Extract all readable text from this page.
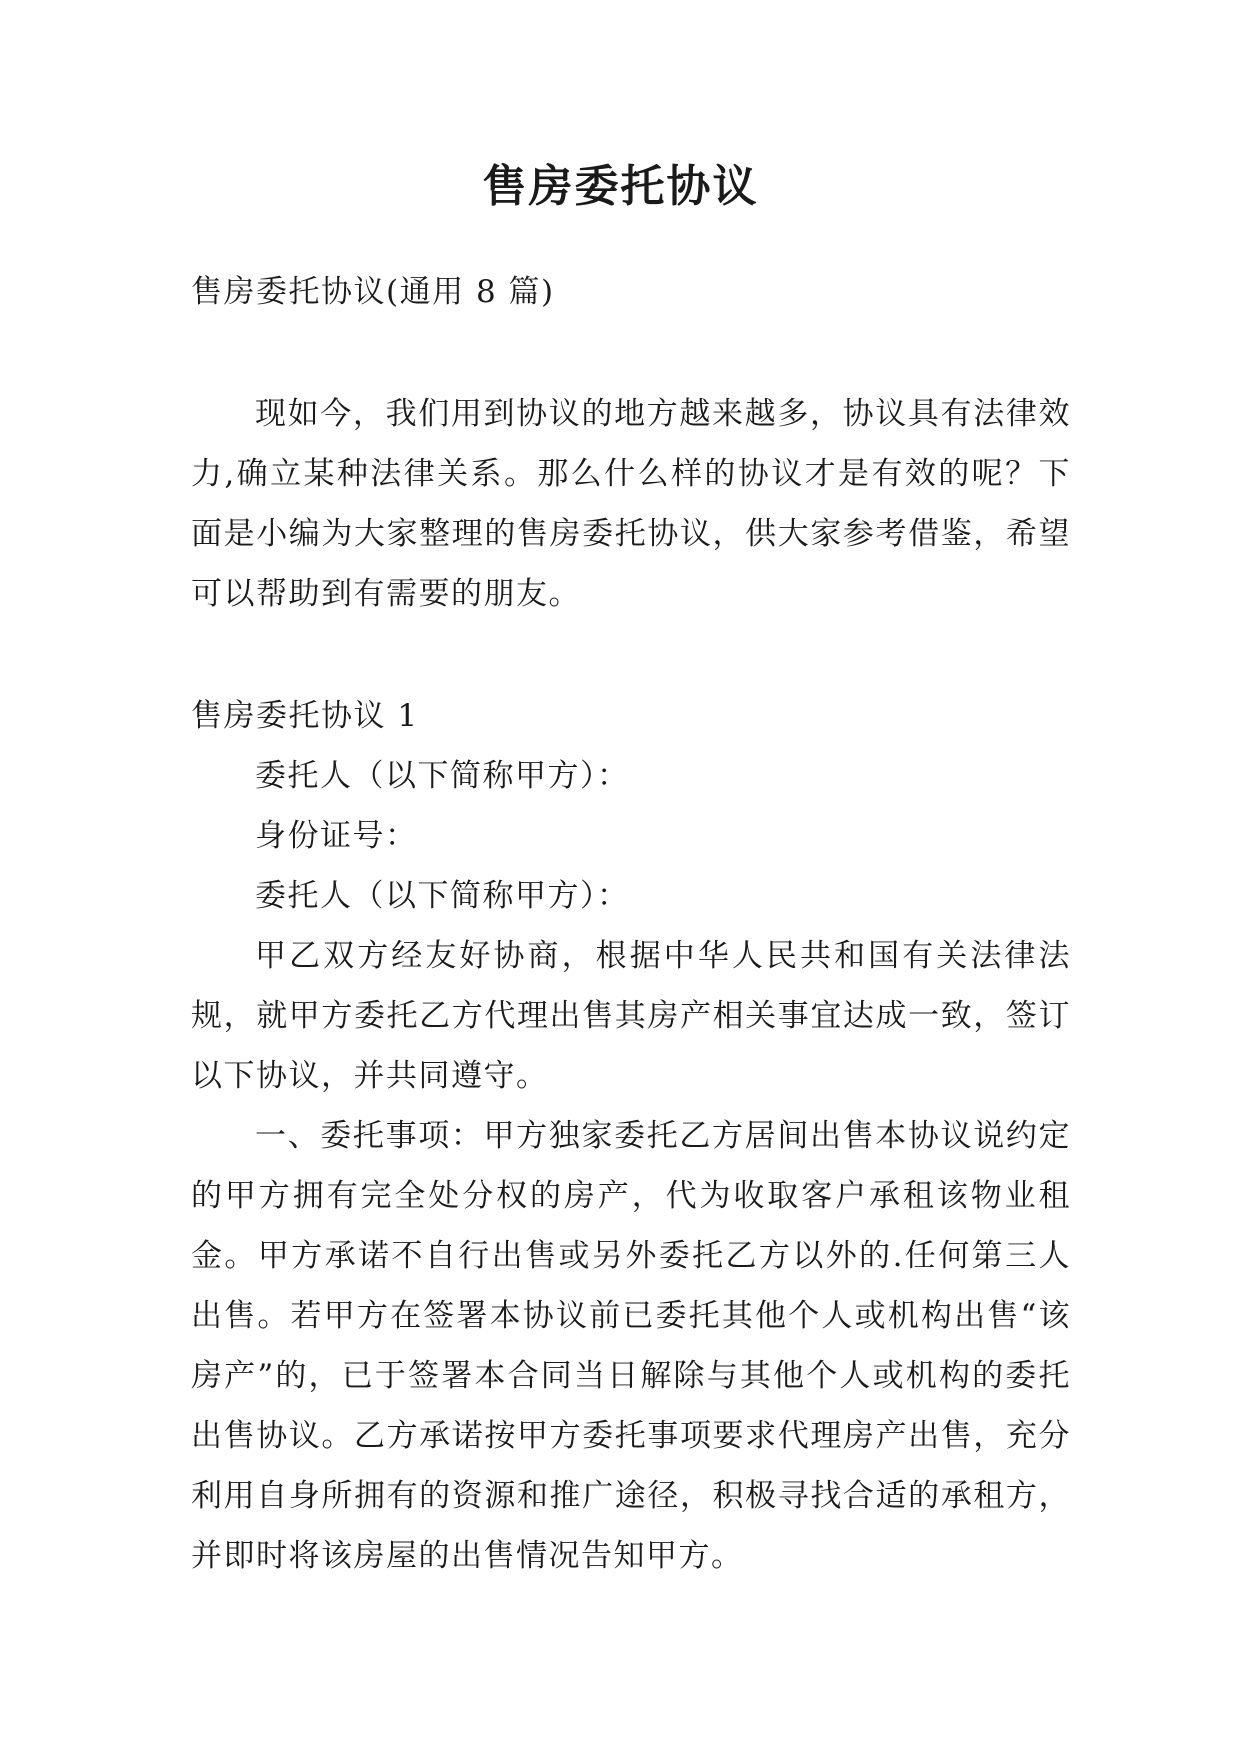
售房委托协议

售房委托协议(通用 8 篇)

现如今，我们用到协议的地方越来越多，协议具有法律效力,确立某种法律关系。那么什么样的协议才是有效的呢？下面是小编为大家整理的售房委托协议，供大家参考借鉴，希望可以帮助到有需要的朋友。

售房委托协议 1

委托人（以下简称甲方）：

身份证号：

委托人（以下简称甲方）：

甲乙双方经友好协商，根据中华人民共和国有关法律法规，就甲方委托乙方代理出售其房产相关事宜达成一致，签订以下协议，并共同遵守。

一、委托事项：甲方独家委托乙方居间出售本协议说约定的甲方拥有完全处分权的房产，代为收取客户承租该物业租金。甲方承诺不自行出售或另外委托乙方以外的.任何第三人出售。若甲方在签署本协议前已委托其他个人或机构出售“该房产”的，已于签署本合同当日解除与其他个人或机构的委托出售协议。乙方承诺按甲方委托事项要求代理房产出售，充分利用自身所拥有的资源和推广途径，积极寻找合适的承租方，并即时将该房屋的出售情况告知甲方。
